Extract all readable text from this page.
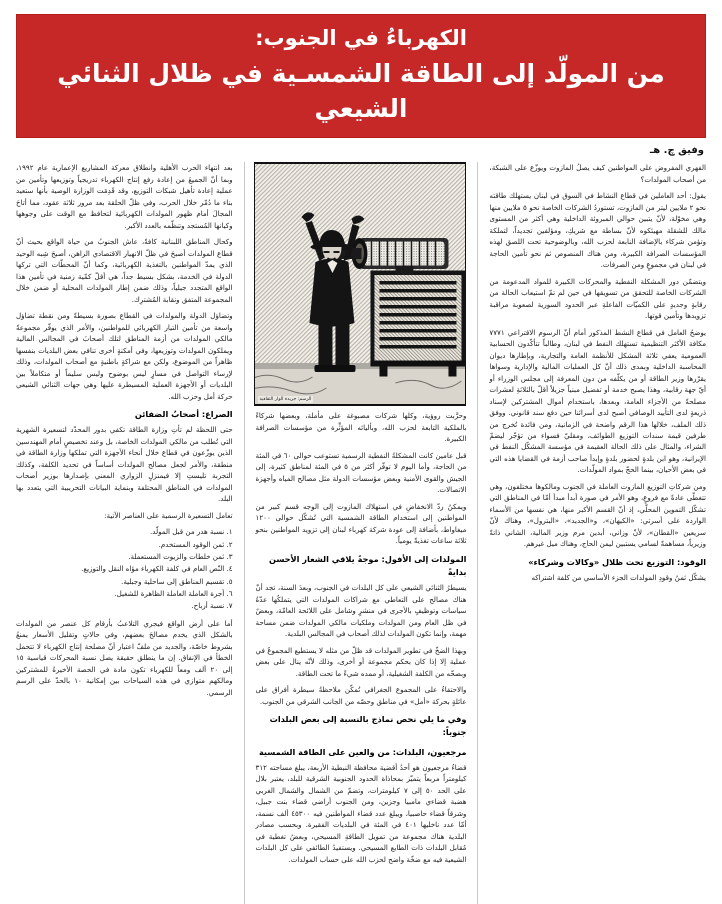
الكهرباءُ في الجنوب:
من المولّد إلى الطاقة الشمسـية في ظلال الثنائي الشيعي
وفيق چ. هـ

بعد انتهاء الحرب الأهلية وانطلاق معركة المشاريع الإعمارية عام ١٩٩٢، وبما أنّ الجميعَ من إعادة رفع إنتاج الكهرباء تدريجياً وتوزيعها وتأمين من عملية إعادة تأهيل شبكات التوزيع، وقد قَدِمَت الوزارة الوصية بأنها ستعيد بناء ما دُمّر خلال الحرب، وفي ظلّ الحلقة بعد مرور ثلاثة عقود، مما أتاحَ المجالَ أمام ظهور المولدات الكهربائية لتحافظ مع الوقت على وجوهها وكيانها المُستجد وتنظّمه بالعدد الأكبر.

وكحال المناطق اللبنانية كافةً، عاش الجنوبُ من حياة الواقع بحيث أنّ قطاع المولدات أصبحَ في ظلّ الانهيار الاقتصادي الراهن، أصبحَ شِبه الوحيد الذي يمدّ المواطنين بالتغذية الكهربائية، وكما أنّ المحطّات التي تركها الدولة في الخدمة، بشكل بسيط جداً، هي أقلّ كمّية زمنية في تأمين هذا الواقع المتجدد جيلياً، وذلك ضمن إطار المولدات المحلية أو ضمن خلال المجموعة المتفق ونقابة المُشترِك.

وتضاؤل الدولة والمولدات في القطاع بصورة بسيطةً ومن نقطة تضاؤل واسعة من تأمين التيار الكهربائي للمواطنين، والأمر الذي يوفّر مجموعةً مالكي المولدات من أزمة المناطق لتلك أصحابَ في المجالس المالية ويملكون المولدات وتوزيعها، وفي أمكنةٍ أخرى تنافي بعض البلديات بنفسها ظاهراً من الموضوع، ولكن مع شراكةٍ باطنيةٍ مع أصحاب المولدات، وذلك لإرساء التواصل في مسارٍ ليس بوضوح وليس سليماً أو متكاملاً بين البلديات أو الأجهزة العملية المسيطرة عليها وهي جهات الثنائي الشيعي حركة أمل وحزب الله.

الصراع: أصحابُ الضفائن

حتى اللحظة لم تأتِ وزارة الطاقة تكفي بدور المحدّد لتسعيرة الشهرية التي تُطلب من مالكي المولدات الخاصة، بل وعند تخصيصٍ أمام المهندسين الذين يوزّعون في قطاع خلال أنحاء الأجهزة التي تملكها وزارة الطاقة في منطقة، والأمر لجعل مصالح المولدات أساساً في تحديد الكلفة، وكذلك التجربة تليستِ إلا فيمنزلٍ الزواري المعني بإصدارها بوزير أصحاب المولدات في المناطق المحتلفة وبنماية البيانات التحريبية التي يتعدد بها البلد.

تعامل التسعيرة الرسمية على العناصر الآتية:

١. نسبة هدر من قبل المولّد.
٢. ثمن الوقود المستخدم.
٣. ثمن خلطات والزيوت المستعملة.
٤. النّص العام في كلفة الكهرباء مؤاه النقل والتوزيع.
٥. تقسيم المناطق إلى ساحلية وجبلية.
٦. أجرة العاملة العاملة الظاهرة للشغيل.
٧. نسبة أرباح.

أما على أرض الواقع فيجري التلاعبُ بأرقام كل عنصر من المولدات بالشكل الذي يخدم مصالحَ بعضهم، وفي حالاتٍ وتقليل الأسعار يمنعُ بشروط خاصّة، والجديد من ملفّ اعتبار أنّ مصلحة إنتاج الكهرباء لا تتحمل الخطأ في الإنفاق. إن ما ينطلق حقيقة يصل نسبة المحركات قياسية ١٥ إلى ٢٠ ألف ومعاً للكهرباء تكون مادة في الحصة الأخيرةُ للمشتركين ومالكهم متوازي في هذه السياحات بين إمكانية ١٠ بالحدّ على الرسم الرسمي.

الرسم: جريدة الوار الثقافية

وحرَّبت روؤية، وكلها شركات مصبوغة على مأملة، وبعضها شركاءً بالملكية التابعة لحزب الله، وبأليائه المؤثِّرة من مؤسسات الصرافة الكبيرة.

قبل عامين كانت المشكلةُ النفطية الرسمية تستوعب حوالى ٦٠ في المئة من الحاجة، وأما اليوم لا توفّر أكثر من ٥ في المئة لمناطق كثيرة، إلى الجيش والقوى الأمنية وبعض مؤسسات الدولة مثل مصالح المياه وأجهزة الاتصالات.

ويمكنُ ردّ الانخفاضِ في استهلاك المازوت إلى الوجه قسم كبير من المواطنين إلى استخدام الطاقة الشمسية التي تُشكّل حوالى ١٢٠٠ ميغاواط، بأضافة إلى عودة شركة كهرباء لبنان إلى تزويد المواطنين بنحو ثلاثة ساعات تغذيةً يومياً.

المولدات إلى الأفول: موجةً يلاقي الشعار الأحسن بدايةً

يسيطرُ الثنائي الشيعي على كل البلدات في الجنوب، وبعدَ السنة، تجد أنّ هناك مصالح على التعاطي مع شراكات المولدات التي يتملكُها عدّةُ سياسات وتوظيفٍ بالأجرى في منشرٍ وشامل على اللائحة العامّة، وبعضٌ في ظل العام ومن المولدات وملكيات مالكي المولدات ضمن مساحة مهمة، وإنما تكون المولدات لذلك أصحاب في المجالس البلدية.

وبهذا الضخّ في تطوير المولدات قد ظلّ من مثله لا يستطيع المجموعُ في عملية إلا إذا كان بحكم مجموعة أو أخرى، وذلك لأنّه ينال على بعض وبصحّه من الكلفة الشغيلية، أو ممده شيءً ما تحت الطاقة.

والاحتفاءُ على المجموع الجغرافي تُمكّن ملاحظةُ سيطرة أفراق على عائلةٍ بحركة «أمل» في مناطق وحصّه من الجانب الشرقي من الجنوب.

وفي ما يلي نحص نماذج بالنسبة إلى بعض البلدات جنوباً:
مرجعيون، البلدات: من والعين على الطاقة الشمسية

قضاءُ مرجعيون هو أحدُ أقضية محافظة النبطية الأربعة، يبلغ مساحته ٣١٢ كيلومتراً مربعاً يتميّز بمحاذاة الحدود الجنوبية الشرقية للبلد، يعتبر بلال على الحد ٥٠ إلى ٧ كيلومترات، وتضمّ من الشمال والشمال الغربي هضبة قضاءي مامبيا وجزين، ومن الجنوب أراضي قضاء بنت جبيل، وشرقاً قضاء حاصبيا، ويبلغ عدد قضاء المواطنين فيه ٤٥٣٠٠ ألف نسمة، أمّا عدد ناخليها ٤٠١ في المئة في البلديات الفقيرة. وبحسب مصادر البلدية هناك مجموعة من تمويل الطاقةِ المسيحي، وبعضُ تغطية في مُقابل البلدات ذات الطابع المسيحي. ويستفيدُ الطائفي على كل البلدات الشيعية فيه مع ضخّة واضح لحزب الله على حساب المولدات.

الفهري المفروض على المواطنين كيف يصلُ المازوت ويوزّع على الشبكة، من أصحاب المولدات؟

يقول: أحد العاملين في قطاع النشاط في السوق في لبنان يستهلك طاقته نحو ٢ ملايين ليتر من المازوت، تستوردُ الشركات الخاصة نحو ٥ ملايين منها وهي مخوّلة، لأنّ يتبين حوالي المبروئة الداخلية وهي أكثر من المستوى مالك للشقلة مهيئكوه لأنّ بساطة مع شريكِ، ومؤلفين تجديداً، لتملكة وتؤمن شركاء بالإضافة النابعة لحزب الله، وبالوضوحية تحت اللصق لهذه المؤسسات الصرافة الكبيرة، ومن هناك المنصوص ثم نحو تأمين الحاجة في لبنان في مجموعٍ ومن الصرفات.

ويتضمّن دور المشكلة النفطية والمحركات الكبيرة للمواد المدعومة من الشركات الخاصة للتحقق من تسويقها في حين لم تمّ استيعاب الحالة من رقابةٍ وجديدٍ على الكميّات الفاعلةِ عبر الحدود السورية لصعوبة مراقبة تزويدها وتأمين قوتها.

يوضحُ العامل في قطاع النشط المذكور أمام أنّ الرسوم الاقتراعي ٧٧٧١ مكافة الأكثر التنظيمية تستهلك النفط في لبنان، وطالباً تتأكّدون الحسابية العمومية يعفي ثلاثة المشكل للأنظمة العامة والتجارية، وبإطارها ديوان المحاسبة الداخلية وبمدى ذلك أنّ كل العمليات المالية والإدارية وسواها يقرّرها وزير الطاقة أو من يكلّفه من دون المعرفة إلى مجلس الوزراء أو أيّ جهة رقابية، وهذا يصبح خدمة أو تفضيل مبنياً جزيلاً أقلّ بالثلاثةِ لعشرات مصلحةً من الأجزاء العامة، وبعدها، باستخدام أموال المشتركين لإسناد ذريعةٍ لدى التأييد الوصافي أصبح لدى أسرائنا حين دفع سند قانوني. ووفق ذلك الملف، خلالها هذا الرقم واضحة في الزمانية، ومن فائدة تُخرج من طرفين قيمة سندات التوزيع الطوائف، ومقليّ فسواء من تؤجّر ليضمّ الشراء، والمثال على ذلك الحالة العقيمة في مؤسسة المشكّل النفط في الإيرانية، وهو ابن بلدةٍ لحضور بلدةٍ وإبدأ صاحب أزمة في القضايا هذه التي في بعض الأحيان، بينما الحجّ بمواد المولّدات.

ومن شركاتِ التوزيع المازوت العاملة في الجنوب ومالكوها مختلفون، وهي تتغطّى عادةً مع فروعٍ، وهو الأمر في صورة أبدأ مبدأ أمّا في المناطق التي تشكّل التموين المحلّي، إذ أنّ القسم الأكبر منها، هي نفسها من الأسماء الواردة على أسرتي: «الكيهان»، و«الجديد»، «البترول»، وهناك لأنّ سريعين «القطان»، لأنّ وزاني، أبدين مرم وزير المالية، الشاني ذاتةً وزيرياً، مساهمةً لسامي يستبين ليمن الحاج، وهناك ميل غيرهم.

الوقود: التوزيع تحت ظلال «وكالات وشركاء»

يشكّل ثمنُ وقودِ المولدات الجزء الأساسي من كلفة اشتراكه
